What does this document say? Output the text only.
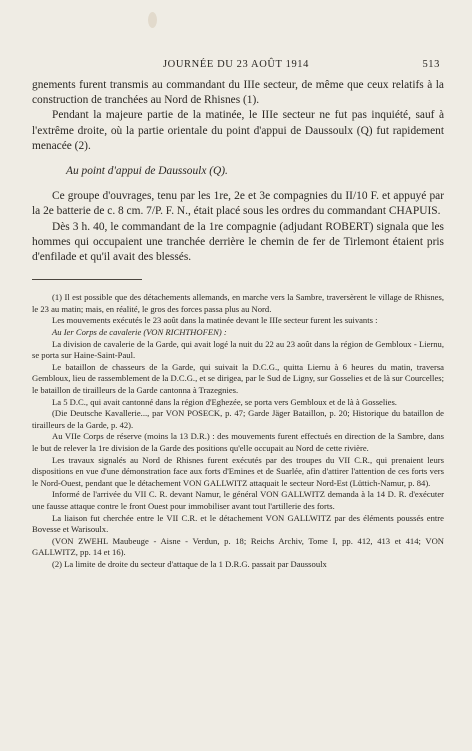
JOURNÉE DU 23 AOÛT 1914	513

gnements furent transmis au commandant du IIIe secteur, de même que ceux relatifs à la construction de tranchées au Nord de Rhisnes (1).

Pendant la majeure partie de la matinée, le IIIe secteur ne fut pas inquiété, sauf à l'extrême droite, où la partie orientale du point d'appui de Daussoulx (Q) fut rapidement menacée (2).

Au point d'appui de Daussoulx (Q).

Ce groupe d'ouvrages, tenu par les 1re, 2e et 3e compagnies du II/10 F. et appuyé par la 2e batterie de c. 8 cm. 7/P. F. N., était placé sous les ordres du commandant CHAPUIS.

Dès 3 h. 40, le commandant de la 1re compagnie (adjudant ROBERT) signala que les hommes qui occupaient une tranchée derrière le chemin de fer de Tirlemont étaient pris d'enfilade et qu'il avait des blessés.

(1) Il est possible que des détachements allemands, en marche vers la Sambre, traversèrent le village de Rhisnes, le 23 au matin; mais, en réalité, le gros des forces passa plus au Nord.

Les mouvements exécutés le 23 août dans la matinée devant le IIIe secteur furent les suivants :

Au Ier Corps de cavalerie (VON RICHTHOFEN) :

La division de cavalerie de la Garde, qui avait logé la nuit du 22 au 23 août dans la région de Gembloux - Liernu, se porta sur Haine-Saint-Paul.

Le bataillon de chasseurs de la Garde, qui suivait la D.C.G., quitta Liernu à 6 heures du matin, traversa Gembloux, lieu de rassemblement de la D.C.G., et se dirigea, par le Sud de Ligny, sur Gosselies et de là sur Courcelles; le bataillon de tirailleurs de la Garde cantonna à Trazegnies.

La 5 D.C., qui avait cantonné dans la région d'Eghezée, se porta vers Gembloux et de là à Gosselies.

(Die Deutsche Kavallerie..., par VON POSECK, p. 47; Garde Jäger Bataillon, p. 20; Historique du bataillon de tirailleurs de la Garde, p. 42).

Au VIIe Corps de réserve (moins la 13 D.R.) : des mouvements furent effectués en direction de la Sambre, dans le but de relever la 1re division de la Garde des positions qu'elle occupait au Nord de cette rivière.

Les travaux signalés au Nord de Rhisnes furent exécutés par des troupes du VII C.R., qui prenaient leurs dispositions en vue d'une démonstration face aux forts d'Emines et de Suarlée, afin d'attirer l'attention de ces forts vers le Nord-Ouest, pendant que le détachement VON GALLWITZ attaquait le secteur Nord-Est (Lüttich-Namur, p. 84).

Informé de l'arrivée du VII C. R. devant Namur, le général VON GALLWITZ demanda à la 14 D. R. d'exécuter une fausse attaque contre le front Ouest pour immobiliser avant tout l'artillerie des forts.

La liaison fut cherchée entre le VII C.R. et le détachement VON GALLWITZ par des éléments poussés entre Bovesse et Warisoulx.

(VON ZWEHL Maubeuge - Aisne - Verdun, p. 18; Reichs Archiv, Tome I, pp. 412, 413 et 414; VON GALLWITZ, pp. 14 et 16).

(2) La limite de droite du secteur d'attaque de la 1 D.R.G. passait par Daussoulx
